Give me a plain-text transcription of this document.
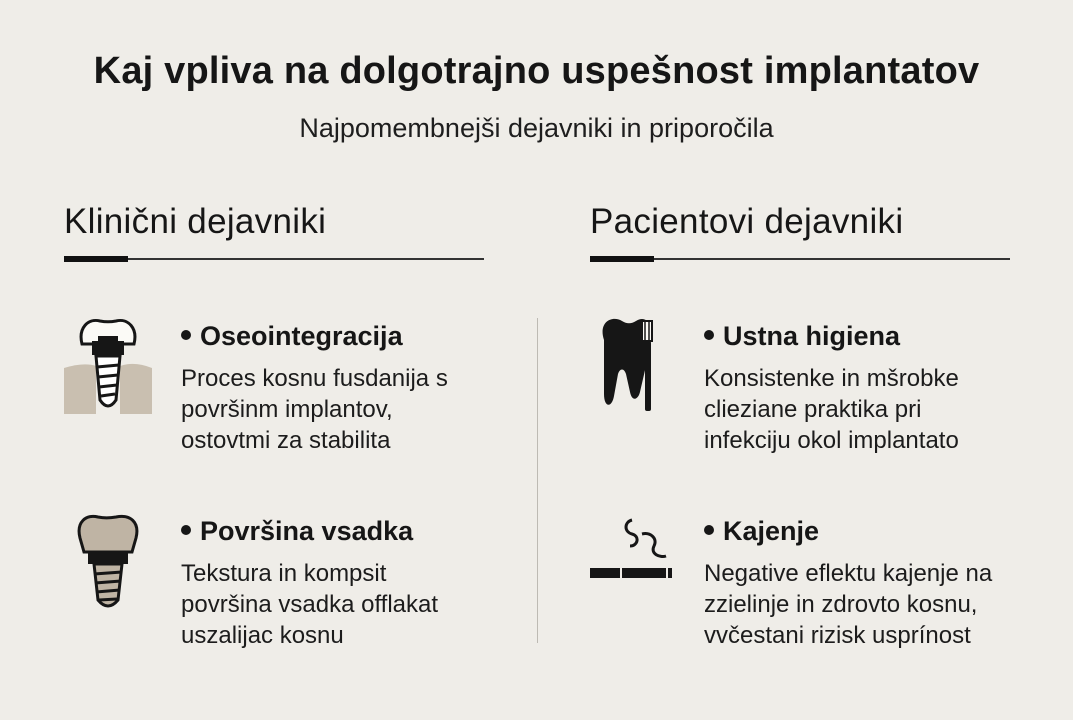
Kaj vpliva na dolgotrajno uspešnost implantatov
Najpomembnejši dejavniki in priporočila
Klinični dejavniki	Pacientovi dejavniki
Oseointegracija
Proces kosnu fusdanija s
površinm implantov,
ostovtmi za stabilita
Površina vsadka
Tekstura in kompsit
površina vsadka offlakat
uszalijac kosnu
Ustna higiena
Konsistenke in mšrobke
clieziane praktika pri
infekciju okol implantato
Kajenje
Negative eflektu kajenje na
zzielinje in zdrovto kosnu,
vvčestani rizisk usprínost
